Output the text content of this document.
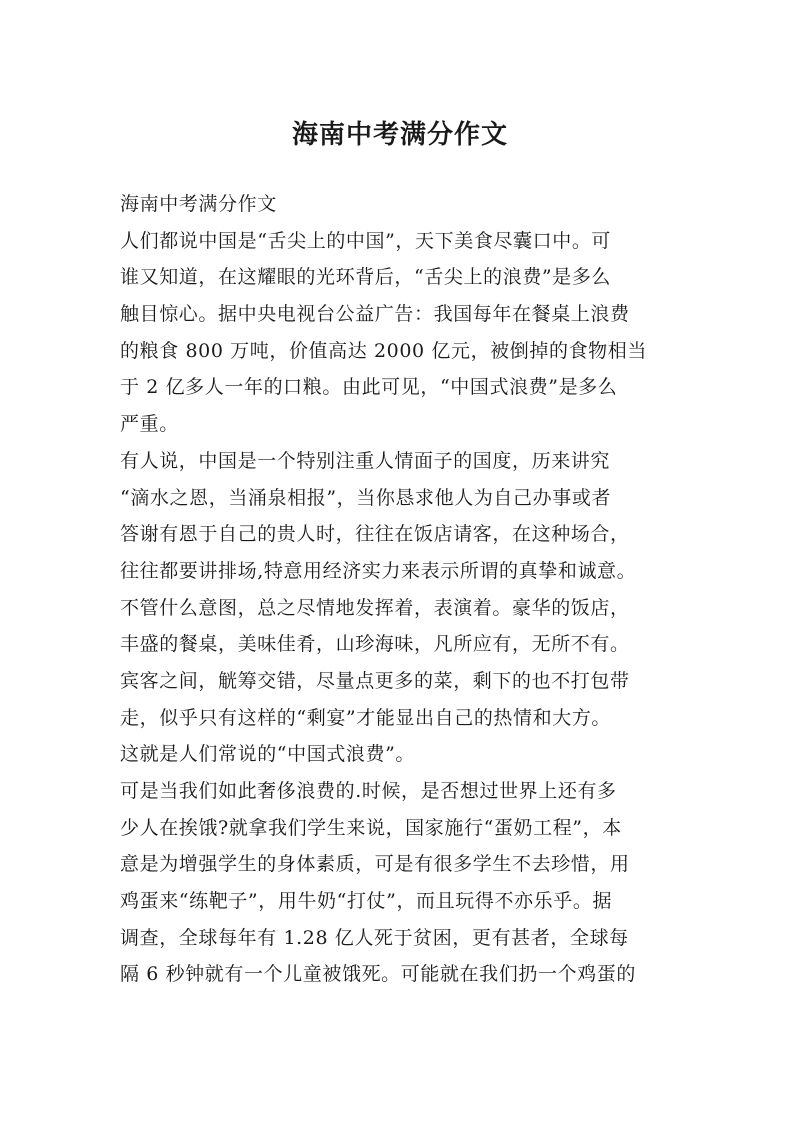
海南中考满分作文
海南中考满分作文
人们都说中国是“舌尖上的中国”，天下美食尽囊口中。可
谁又知道，在这耀眼的光环背后，“舌尖上的浪费”是多么
触目惊心。据中央电视台公益广告：我国每年在餐桌上浪费
的粮食 800 万吨，价值高达 2000 亿元，被倒掉的食物相当
于 2 亿多人一年的口粮。由此可见，“中国式浪费”是多么
严重。
有人说，中国是一个特别注重人情面子的国度，历来讲究
“滴水之恩，当涌泉相报”，当你恳求他人为自己办事或者
答谢有恩于自己的贵人时，往往在饭店请客，在这种场合，
往往都要讲排场,特意用经济实力来表示所谓的真挚和诚意。
不管什么意图，总之尽情地发挥着，表演着。豪华的饭店，
丰盛的餐桌，美味佳肴，山珍海味，凡所应有，无所不有。
宾客之间，觥筹交错，尽量点更多的菜，剩下的也不打包带
走，似乎只有这样的“剩宴”才能显出自己的热情和大方。
这就是人们常说的“中国式浪费”。
可是当我们如此奢侈浪费的.时候，是否想过世界上还有多
少人在挨饿?就拿我们学生来说，国家施行“蛋奶工程”，本
意是为增强学生的身体素质，可是有很多学生不去珍惜，用
鸡蛋来“练靶子”，用牛奶“打仗”，而且玩得不亦乐乎。据
调查，全球每年有 1.28 亿人死于贫困，更有甚者，全球每
隔 6 秒钟就有一个儿童被饿死。可能就在我们扔一个鸡蛋的
